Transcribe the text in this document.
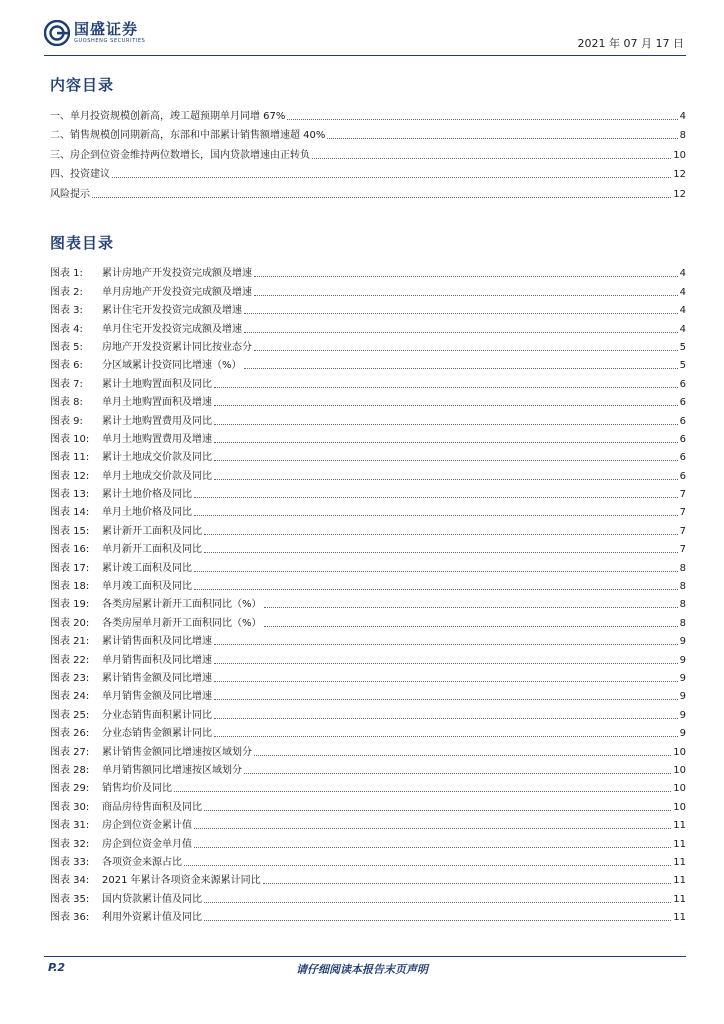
国盛证券
GUOSHENG SECURITIES	2021 年 07 月 17 日
内容目录
一、单月投资规模创新高，竣工超预期单月同增 67%	4
二、销售规模创同期新高，东部和中部累计销售额增速超 40%	8
三、房企到位资金维持两位数增长，国内贷款增速由正转负	10
四、投资建议	12
风险提示	12
图表目录
图表 1:	累计房地产开发投资完成额及增速	4
图表 2:	单月房地产开发投资完成额及增速	4
图表 3:	累计住宅开发投资完成额及增速	4
图表 4:	单月住宅开发投资完成额及增速	4
图表 5:	房地产开发投资累计同比按业态分	5
图表 6:	分区域累计投资同比增速（%）	5
图表 7:	累计土地购置面积及同比	6
图表 8:	单月土地购置面积及增速	6
图表 9:	累计土地购置费用及同比	6
图表 10:	单月土地购置费用及增速	6
图表 11:	累计土地成交价款及同比	6
图表 12:	单月土地成交价款及同比	6
图表 13:	累计土地价格及同比	7
图表 14:	单月土地价格及同比	7
图表 15:	累计新开工面积及同比	7
图表 16:	单月新开工面积及同比	7
图表 17:	累计竣工面积及同比	8
图表 18:	单月竣工面积及同比	8
图表 19:	各类房屋累计新开工面积同比（%）	8
图表 20:	各类房屋单月新开工面积同比（%）	8
图表 21:	累计销售面积及同比增速	9
图表 22:	单月销售面积及同比增速	9
图表 23:	累计销售金额及同比增速	9
图表 24:	单月销售金额及同比增速	9
图表 25:	分业态销售面积累计同比	9
图表 26:	分业态销售金额累计同比	9
图表 27:	累计销售金额同比增速按区域划分	10
图表 28:	单月销售额同比增速按区域划分	10
图表 29:	销售均价及同比	10
图表 30:	商品房待售面积及同比	10
图表 31:	房企到位资金累计值	11
图表 32:	房企到位资金单月值	11
图表 33:	各项资金来源占比	11
图表 34:	2021 年累计各项资金来源累计同比	11
图表 35:	国内贷款累计值及同比	11
图表 36:	利用外资累计值及同比	11
P.2	请仔细阅读本报告末页声明
